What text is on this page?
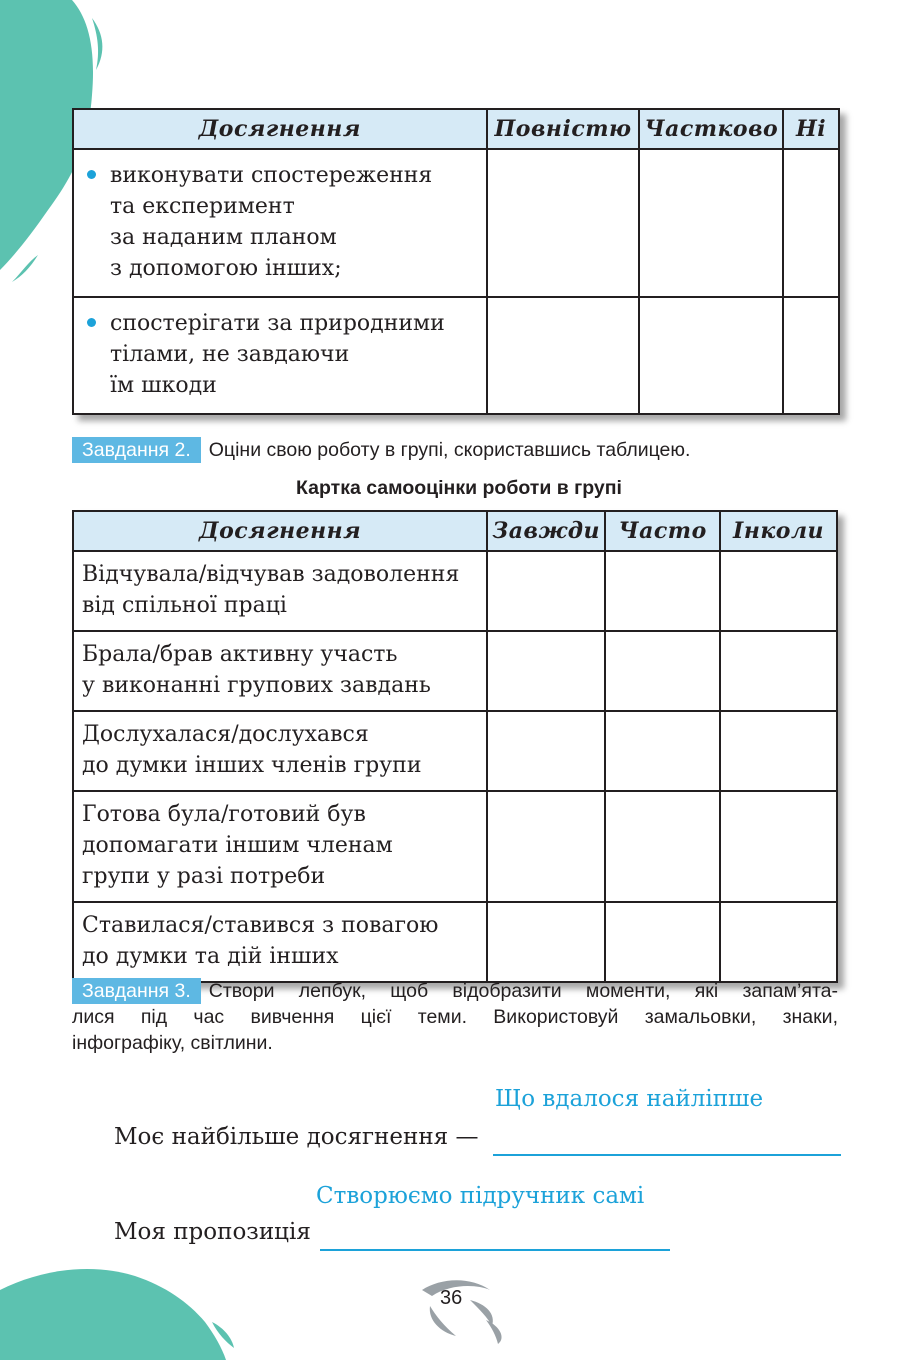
Досягнення	Повністю	Частково	Ні

виконувати спостереження
та експеримент
за наданим планом
з допомогою інших;			

спостерігати за природними
тілами, не завдаючи
їм шкоди			

Завдання 2. Оціни свою роботу в групі, скориставшись таблицею.
Картка самооцінки роботи в групі
Досягнення	Завжди	Часто	Інколи

Відчувала/відчував задоволення
від спільної праці			

Брала/брав активну участь
у виконанні групових завдань			

Дослухалася/дослухався
до думки інших членів групи			

Готова була/готовий був
допомагати іншим членам
групи у разі потреби			

Ставилася/ставився з повагою
до думки та дій інших			

Завдання 3. Створи лепбук, щоб відобразити моменти, які запам’ята-
лися під час вивчення цієї теми. Використовуй замальовки, знаки,
інфографіку, світлини.
Що вдалося найліпше
Моє найбільше досягнення —
Створюємо підручник самі
Моя пропозиція
36
